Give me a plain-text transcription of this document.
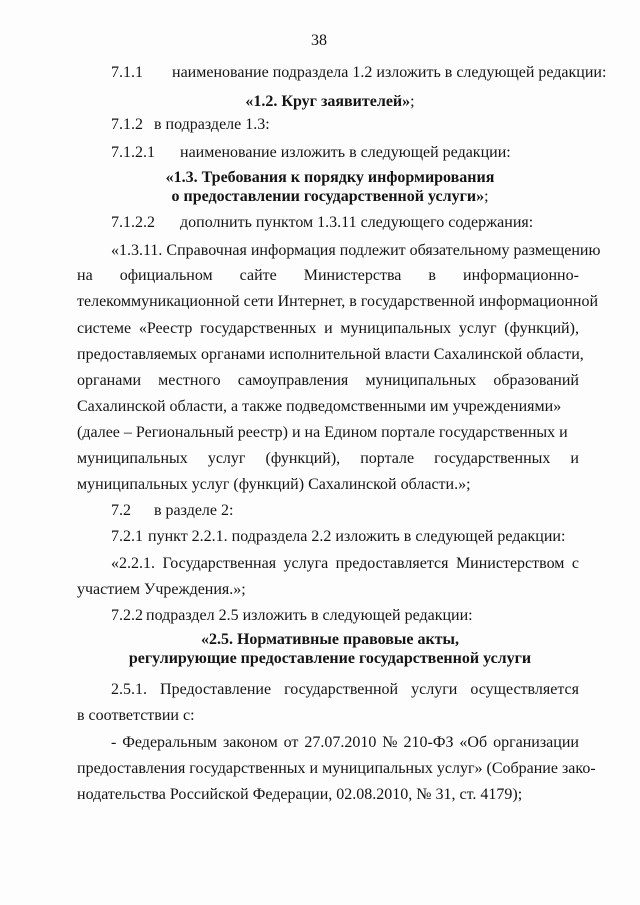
38
7.1.1 наименование подраздела 1.2 изложить в следующей редакции:
«1.2. Круг заявителей»;
7.1.2 в подразделе 1.3:
7.1.2.1 наименование изложить в следующей редакции:
«1.3. Требования к порядку информирования
о предоставлении государственной услуги»;
7.1.2.2 дополнить пунктом 1.3.11 следующего содержания:
«1.3.11. Справочная информация подлежит обязательному размещению
на официальном сайте Министерства в информационно-
телекоммуникационной сети Интернет, в государственной информационной
системе «Реестр государственных и муниципальных услуг (функций),
предоставляемых органами исполнительной власти Сахалинской области,
органами местного самоуправления муниципальных образований
Сахалинской области, а также подведомственными им учреждениями»
(далее – Региональный реестр) и на Едином портале государственных и
муниципальных услуг (функций), портале государственных и
муниципальных услуг (функций) Сахалинской области.»;
7.2 в разделе 2:
7.2.1 пункт 2.2.1. подраздела 2.2 изложить в следующей редакции:
«2.2.1. Государственная услуга предоставляется Министерством с
участием Учреждения.»;
7.2.2 подраздел 2.5 изложить в следующей редакции:
«2.5. Нормативные правовые акты,
регулирующие предоставление государственной услуги
2.5.1. Предоставление государственной услуги осуществляется
в соответствии с:
- Федеральным законом от 27.07.2010 № 210-ФЗ «Об организации
предоставления государственных и муниципальных услуг» (Собрание зако-
нодательства Российской Федерации, 02.08.2010, № 31, ст. 4179);
